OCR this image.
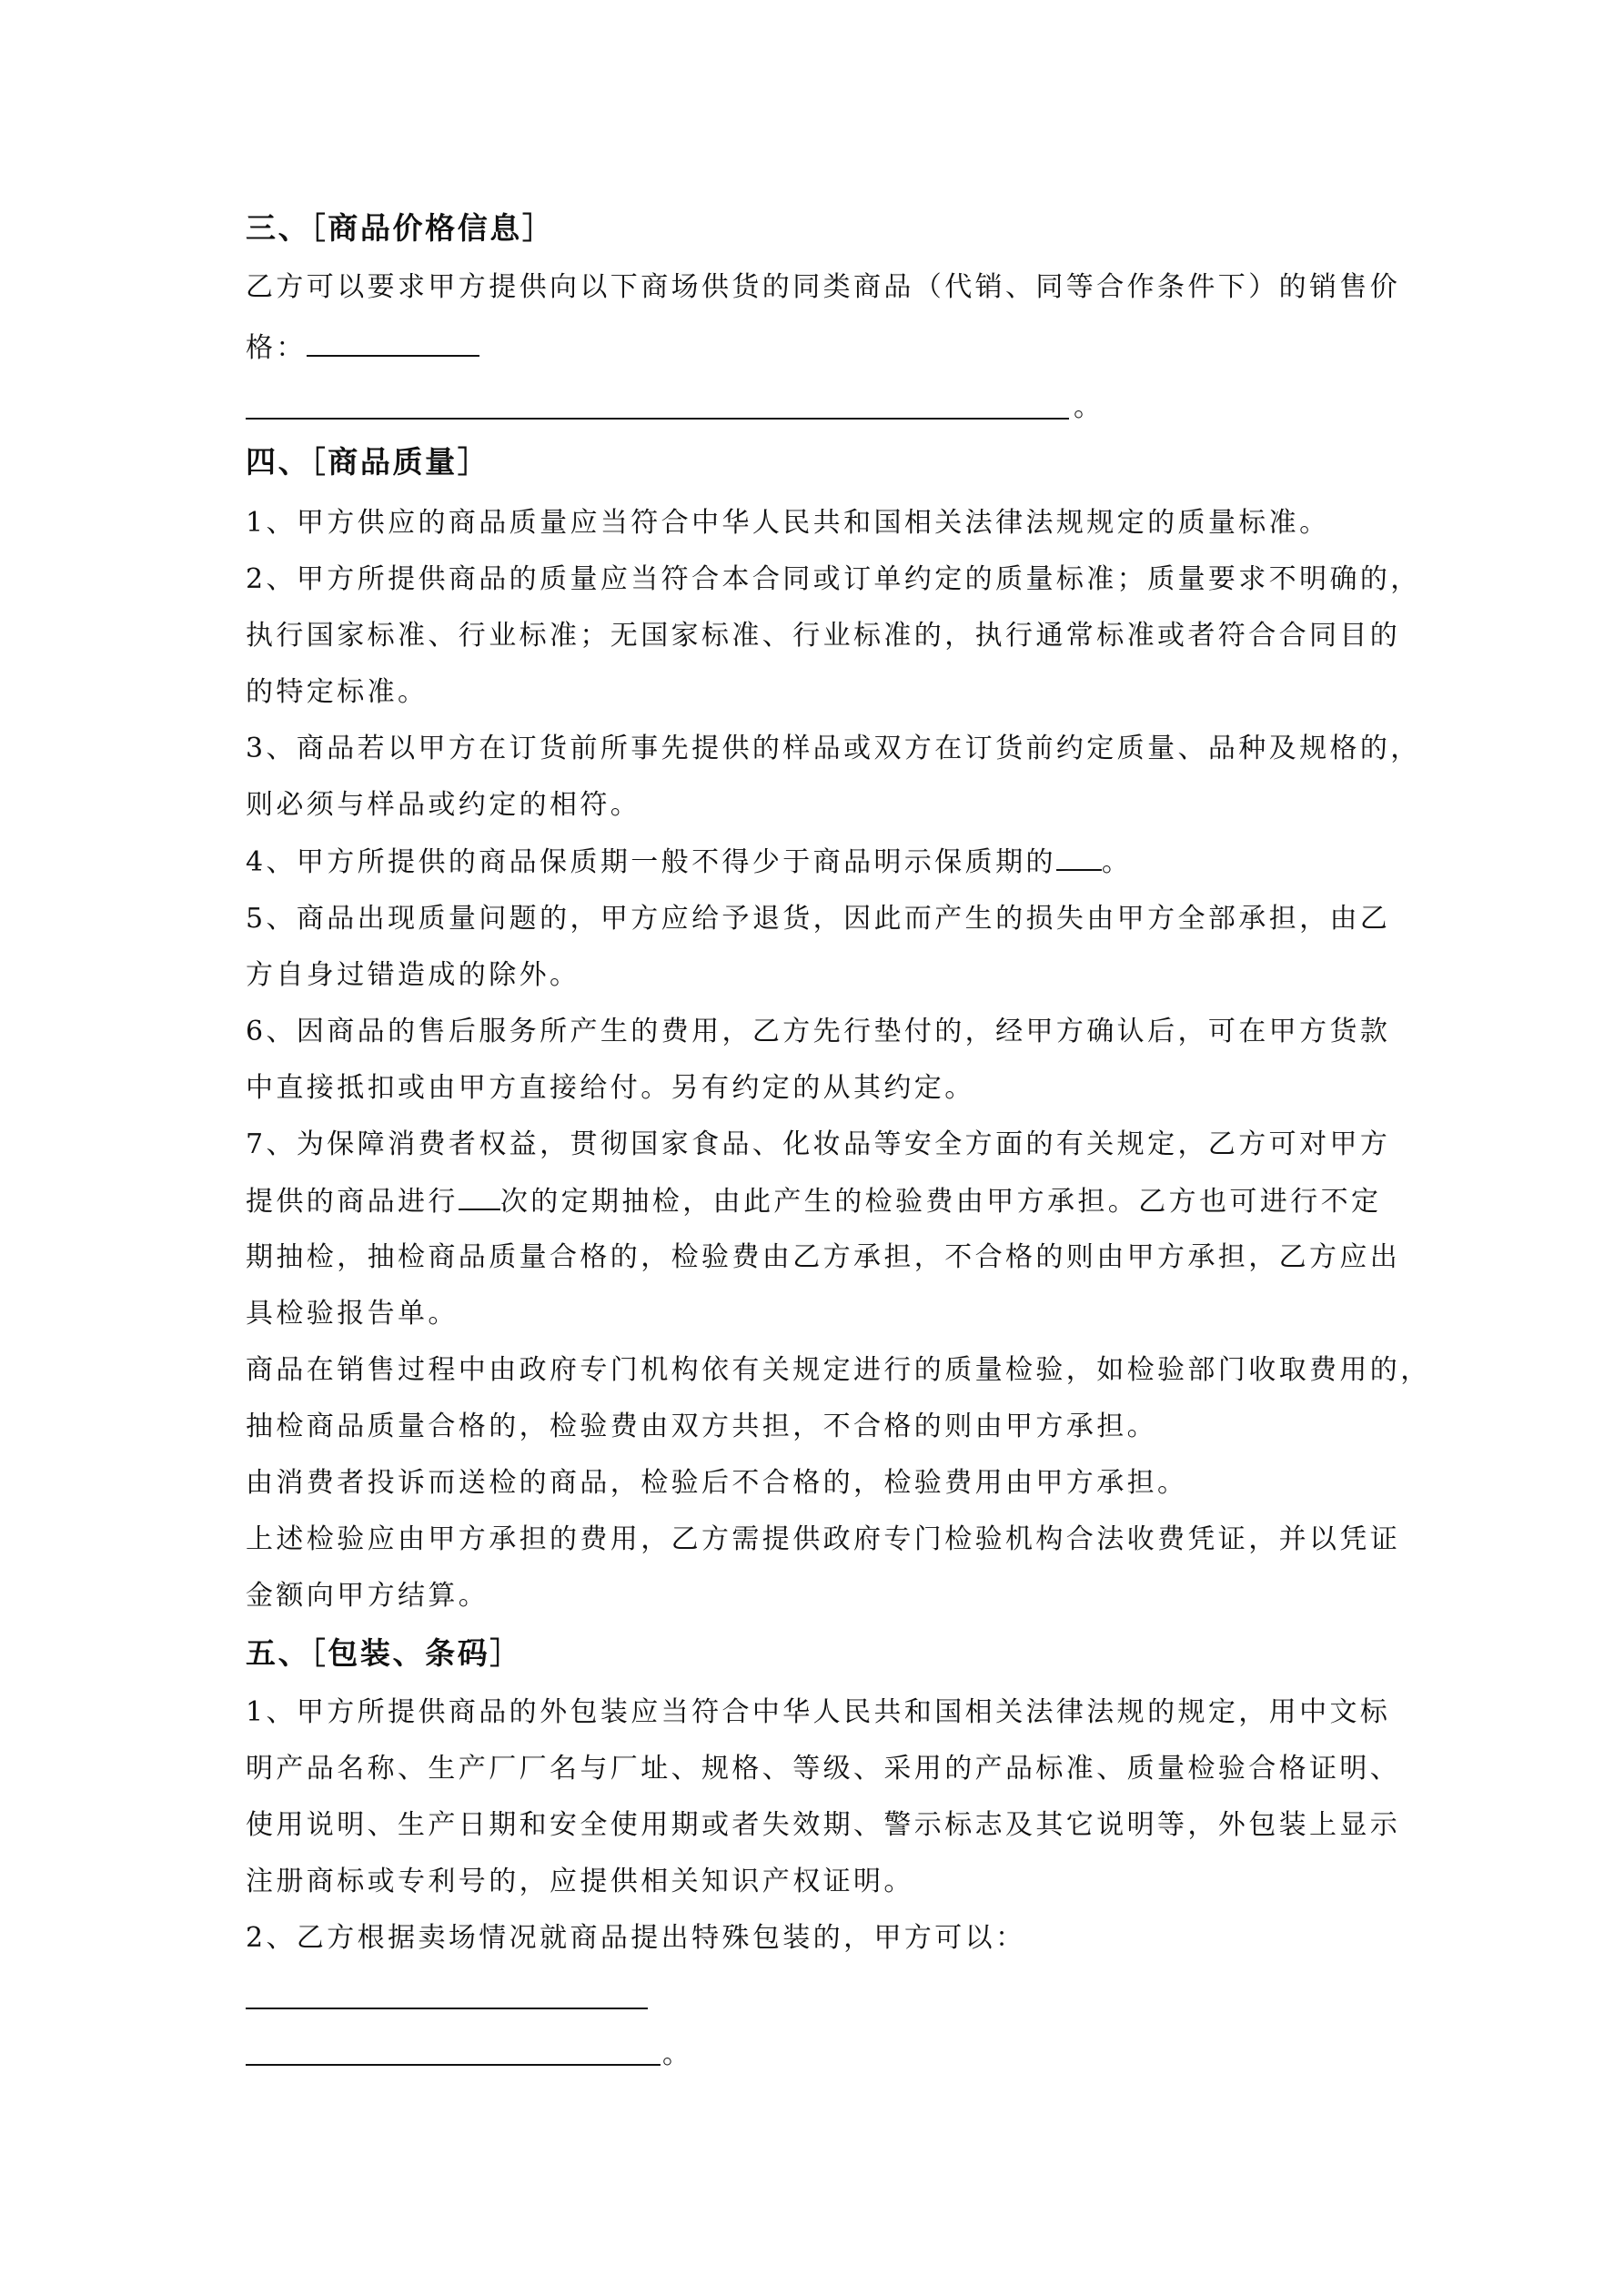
三、［商品价格信息］

乙方可以要求甲方提供向以下商场供货的同类商品（代销、同等合作条件下）的销售价

格：

。

四、［商品质量］

1、甲方供应的商品质量应当符合中华人民共和国相关法律法规规定的质量标准。

2、甲方所提供商品的质量应当符合本合同或订单约定的质量标准；质量要求不明确的，

执行国家标准、行业标准；无国家标准、行业标准的，执行通常标准或者符合合同目的

的特定标准。

3、商品若以甲方在订货前所事先提供的样品或双方在订货前约定质量、品种及规格的，

则必须与样品或约定的相符。

4、甲方所提供的商品保质期一般不得少于商品明示保质期的 。

5、商品出现质量问题的，甲方应给予退货，因此而产生的损失由甲方全部承担，由乙

方自身过错造成的除外。

6、因商品的售后服务所产生的费用，乙方先行垫付的，经甲方确认后，可在甲方货款

中直接抵扣或由甲方直接给付。另有约定的从其约定。

7、为保障消费者权益，贯彻国家食品、化妆品等安全方面的有关规定，乙方可对甲方

提供的商品进行 次的定期抽检，由此产生的检验费由甲方承担。乙方也可进行不定

期抽检，抽检商品质量合格的，检验费由乙方承担，不合格的则由甲方承担，乙方应出

具检验报告单。

商品在销售过程中由政府专门机构依有关规定进行的质量检验，如检验部门收取费用的，

抽检商品质量合格的，检验费由双方共担，不合格的则由甲方承担。

由消费者投诉而送检的商品，检验后不合格的，检验费用由甲方承担。

上述检验应由甲方承担的费用，乙方需提供政府专门检验机构合法收费凭证，并以凭证

金额向甲方结算。

五、［包装、条码］

1、甲方所提供商品的外包装应当符合中华人民共和国相关法律法规的规定，用中文标

明产品名称、生产厂厂名与厂址、规格、等级、采用的产品标准、质量检验合格证明、

使用说明、生产日期和安全使用期或者失效期、警示标志及其它说明等，外包装上显示

注册商标或专利号的，应提供相关知识产权证明。

2、乙方根据卖场情况就商品提出特殊包装的，甲方可以：

。
